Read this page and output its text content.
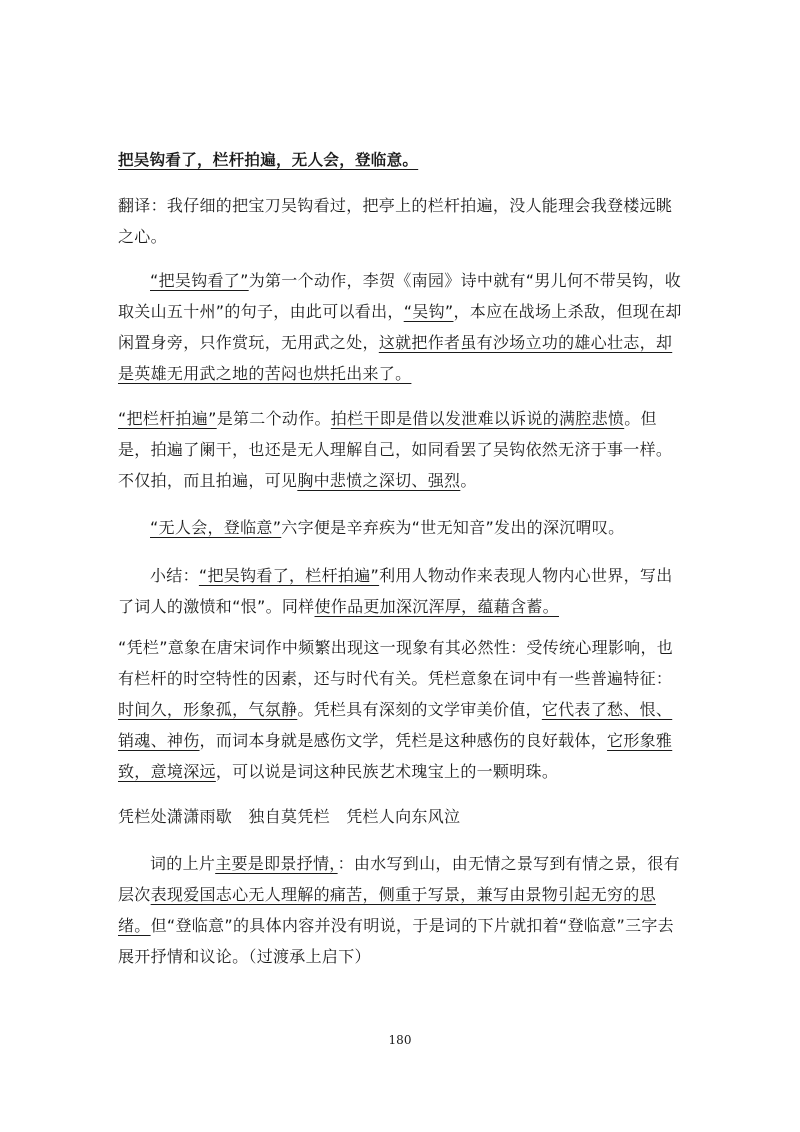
把吴钩看了，栏杆拍遍，无人会，登临意。
翻译：我仔细的把宝刀吴钩看过，把亭上的栏杆拍遍，没人能理会我登楼远眺之心。
“把吴钩看了”为第一个动作，李贺《南园》诗中就有“男儿何不带吴钩，收取关山五十州”的句子，由此可以看出，“吴钩”，本应在战场上杀敌，但现在却闲置身旁，只作赏玩，无用武之处，这就把作者虽有沙场立功的雄心壮志，却是英雄无用武之地的苦闷也烘托出来了。
“把栏杆拍遍”是第二个动作。拍栏干即是借以发泄难以诉说的满腔悲愤。但是，拍遍了阑干，也还是无人理解自己，如同看罢了吴钩依然无济于事一样。不仅拍，而且拍遍，可见胸中悲愤之深切、强烈。
“无人会，登临意”六字便是辛弃疾为“世无知音”发出的深沉喟叹。
小结：“把吴钩看了，栏杆拍遍”利用人物动作来表现人物内心世界，写出了词人的激愤和“恨”。同样使作品更加深沉浑厚，蕴藉含蓄。
“凭栏”意象在唐宋词作中频繁出现这一现象有其必然性：受传统心理影响，也有栏杆的时空特性的因素，还与时代有关。凭栏意象在词中有一些普遍特征：时间久，形象孤，气氛静。凭栏具有深刻的文学审美价值，它代表了愁、恨、销魂、神伤，而词本身就是感伤文学，凭栏是这种感伤的良好载体，它形象雅致，意境深远，可以说是词这种民族艺术瑰宝上的一颗明珠。
凭栏处潇潇雨歇　独自莫凭栏　凭栏人向东风泣
词的上片主要是即景抒情，：由水写到山，由无情之景写到有情之景，很有层次表现爱国志心无人理解的痛苦，侧重于写景，兼写由景物引起无穷的思绪。但“登临意”的具体内容并没有明说，于是词的下片就扣着“登临意”三字去展开抒情和议论。（过渡承上启下）
180
